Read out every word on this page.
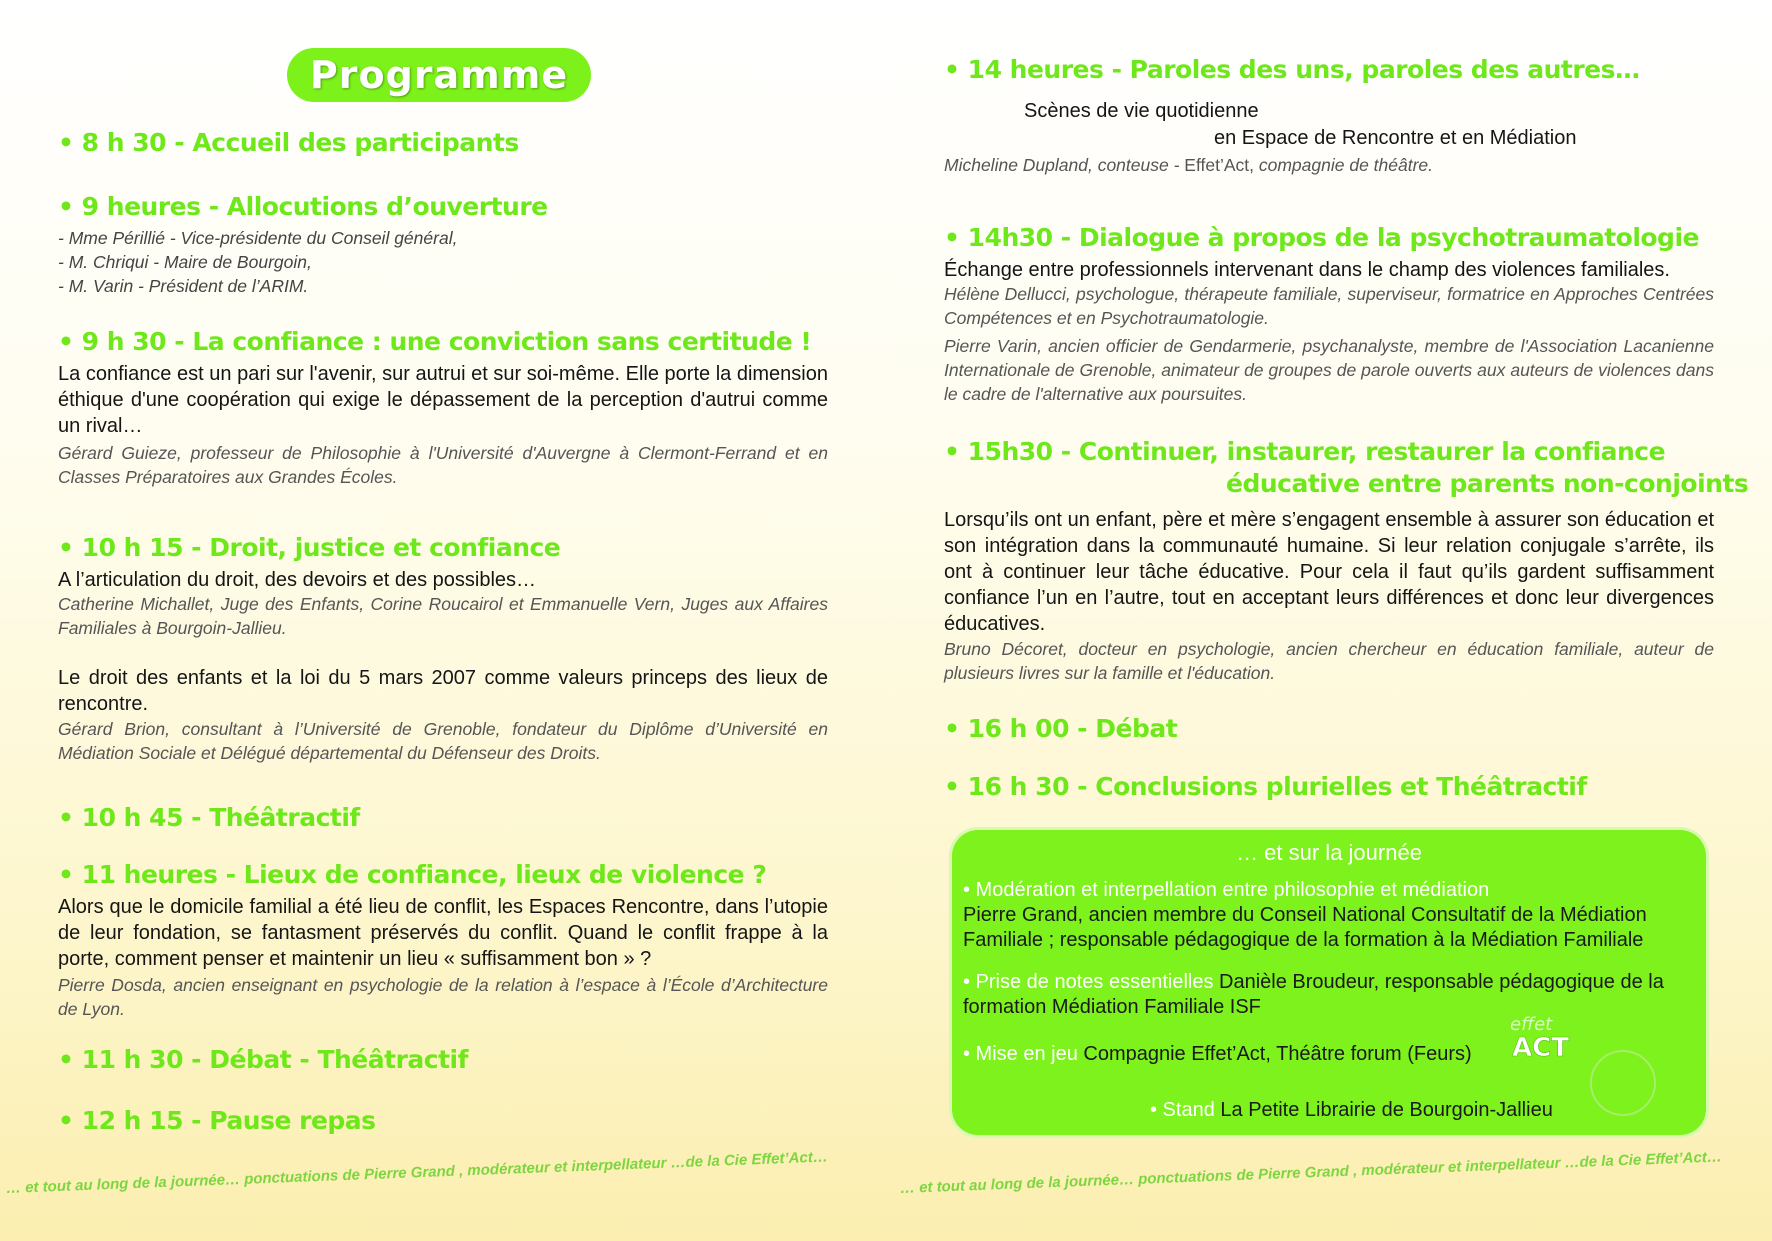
Programme
• 8 h 30 - Accueil des participants
• 9 heures - Allocutions d’ouverture
- Mme Périllié - Vice-présidente du Conseil général,
- M. Chriqui - Maire de Bourgoin,
- M. Varin - Président de l’ARIM.
• 9 h 30 - La confiance : une conviction sans certitude !
La confiance est un pari sur l'avenir, sur autrui et sur soi-même. Elle porte la dimension éthique d'une coopération qui exige le dépassement de la perception d'autrui comme un rival…
Gérard Guieze, professeur de Philosophie à l'Université d'Auvergne à Clermont-Ferrand et en Classes Préparatoires aux Grandes Écoles.
• 10 h 15 - Droit, justice et confiance
A l’articulation du droit, des devoirs et des possibles…
Catherine Michallet, Juge des Enfants, Corine Roucairol et Emmanuelle Vern, Juges aux Affaires Familiales à Bourgoin-Jallieu.
Le droit des enfants et la loi du 5 mars 2007 comme valeurs princeps des lieux de rencontre.
Gérard Brion, consultant à l’Université de Grenoble, fondateur du Diplôme d’Université en Médiation Sociale et Délégué départemental du Défenseur des Droits.
• 10 h 45 - Théâtractif
• 11 heures - Lieux de confiance, lieux de violence ?
Alors que le domicile familial a été lieu de conflit, les Espaces Rencontre, dans l’utopie de leur fondation, se fantasment préservés du conflit. Quand le conflit frappe à la porte, comment penser et maintenir un lieu « suffisamment bon » ?
Pierre Dosda, ancien enseignant en psychologie de la relation à l’espace à l’École d’Architecture de Lyon.
• 11 h 30 - Débat - Théâtractif
• 12 h 15 - Pause repas
• 14 heures - Paroles des uns, paroles des autres…
Scènes de vie quotidienne
en Espace de Rencontre et en Médiation
Micheline Dupland, conteuse - Effet’Act, compagnie de théâtre.
• 14h30 - Dialogue à propos de la psychotraumatologie
Échange entre professionnels intervenant dans le champ des violences familiales.
Hélène Dellucci, psychologue, thérapeute familiale, superviseur, formatrice en Approches Centrées Compétences et en Psychotraumatologie.
Pierre Varin, ancien officier de Gendarmerie, psychanalyste, membre de l'Association Lacanienne Internationale de Grenoble, animateur de groupes de parole ouverts aux auteurs de violences dans le cadre de l'alternative aux poursuites.
• 15h30 - Continuer, instaurer, restaurer la confiance
éducative entre parents non-conjoints
Lorsqu’ils ont un enfant, père et mère s’engagent ensemble à assurer son éducation et son intégration dans la communauté humaine. Si leur relation conjugale s’arrête, ils ont à continuer leur tâche éducative. Pour cela il faut qu’ils gardent suffisamment confiance l’un en l’autre, tout en acceptant leurs différences et donc leur divergences éducatives.
Bruno Décoret, docteur en psychologie, ancien chercheur en éducation familiale, auteur de plusieurs livres sur la famille et l'éducation.
• 16 h 00 - Débat
• 16 h 30 - Conclusions plurielles et Théâtractif
… et sur la journée
• Modération et interpellation entre philosophie et médiation
Pierre Grand, ancien membre du Conseil National Consultatif de la Médiation Familiale ; responsable pédagogique de la formation à la Médiation Familiale
• Prise de notes essentielles Danièle Broudeur, responsable pédagogique de la formation Médiation Familiale ISF
• Mise en jeu Compagnie Effet’Act, Théâtre forum (Feurs)
• Stand La Petite Librairie de Bourgoin-Jallieu
effet
ACT
… et tout au long de la journée… ponctuations de Pierre Grand , modérateur et interpellateur …de la Cie Effet’Act…	… et tout au long de la journée… ponctuations de Pierre Grand , modérateur et interpellateur …de la Cie Effet’Act…
